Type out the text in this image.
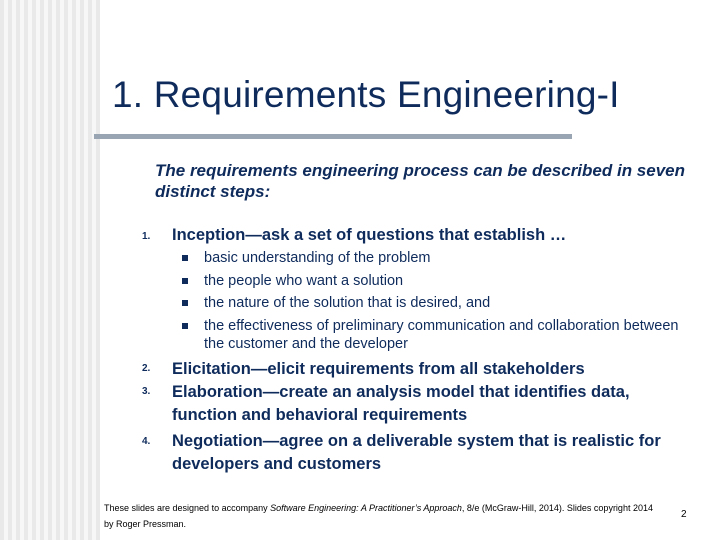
1. Requirements Engineering-I

The requirements engineering process can be described in seven distinct steps:

1.	Inception—ask a set of questions that establish …
basic understanding of the problem
the people who want a solution
the nature of the solution that is desired, and
the effectiveness of preliminary communication and collaboration between the customer and the developer
2.	Elicitation—elicit requirements from all stakeholders
3.	Elaboration—create an analysis model that identifies data, function and behavioral requirements
4.	Negotiation—agree on a deliverable system that is realistic for developers and customers
These slides are designed to accompany Software Engineering: A Practitioner’s Approach, 8/e (McGraw-Hill, 2014). Slides copyright 2014 by Roger Pressman.
2
